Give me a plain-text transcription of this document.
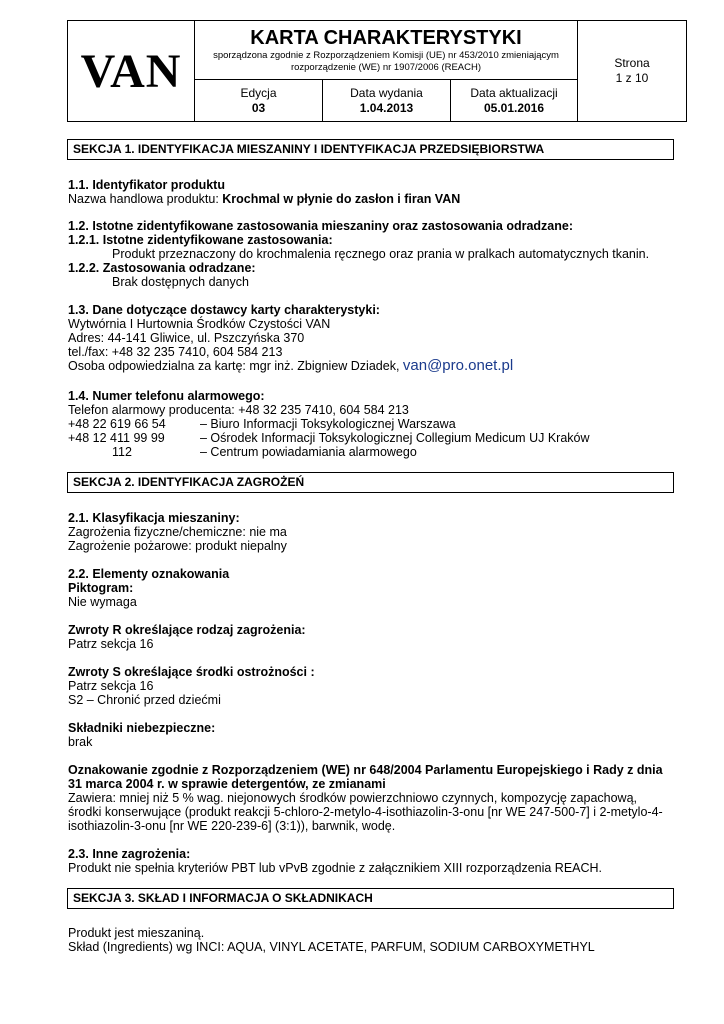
VAN
KARTA CHARAKTERYSTYKI
sporządzona zgodnie z Rozporządzeniem Komisji (UE) nr 453/2010 zmieniającym
rozporządzenie (WE) nr 1907/2006 (REACH)
Edycja
03
Data wydania
1.04.2013
Data aktualizacji
05.01.2016
Strona
1 z 10
SEKCJA 1. IDENTYFIKACJA MIESZANINY I IDENTYFIKACJA PRZEDSIĘBIORSTWA
1.1. Identyfikator produktu
Nazwa handlowa produktu: Krochmal w płynie do zasłon i firan VAN
1.2. Istotne zidentyfikowane zastosowania mieszaniny oraz zastosowania odradzane:
1.2.1. Istotne zidentyfikowane zastosowania:
Produkt przeznaczony do krochmalenia ręcznego oraz prania w pralkach automatycznych tkanin.
1.2.2. Zastosowania odradzane:
Brak dostępnych danych
1.3. Dane dotyczące dostawcy karty charakterystyki:
Wytwórnia I Hurtownia Środków Czystości VAN
Adres: 44-141 Gliwice, ul. Pszczyńska 370
tel./fax: +48 32 235 7410, 604 584 213
Osoba odpowiedzialna za kartę: mgr inż. Zbigniew Dziadek, van@pro.onet.pl
1.4. Numer telefonu alarmowego:
Telefon alarmowy producenta: +48 32 235 7410, 604 584 213
+48 22 619 66 54	– Biuro Informacji Toksykologicznej Warszawa
+48 12 411 99 99	– Ośrodek Informacji Toksykologicznej Collegium Medicum UJ Kraków
112	– Centrum powiadamiania alarmowego
SEKCJA 2. IDENTYFIKACJA ZAGROŻEŃ
2.1. Klasyfikacja mieszaniny:
Zagrożenia fizyczne/chemiczne: nie ma
Zagrożenie pożarowe: produkt niepalny
2.2. Elementy oznakowania
Piktogram:
Nie wymaga
Zwroty R określające rodzaj zagrożenia:
Patrz sekcja 16
Zwroty S określające środki ostrożności :
Patrz sekcja 16
S2 – Chronić przed dziećmi
Składniki niebezpieczne:
brak
Oznakowanie zgodnie z Rozporządzeniem (WE) nr 648/2004 Parlamentu Europejskiego i Rady z dnia
31 marca 2004 r. w sprawie detergentów, ze zmianami
Zawiera: mniej niż 5 % wag. niejonowych środków powierzchniowo czynnych, kompozycję zapachową,
środki konserwujące (produkt reakcji 5-chloro-2-metylo-4-isothiazolin-3-onu [nr WE 247-500-7] i 2-metylo-4-
isothiazolin-3-onu [nr WE 220-239-6] (3:1)), barwnik, wodę.
2.3. Inne zagrożenia:
Produkt nie spełnia kryteriów PBT lub vPvB zgodnie z załącznikiem XIII rozporządzenia REACH.
SEKCJA 3. SKŁAD I INFORMACJA O SKŁADNIKACH
Produkt jest mieszaniną.
Skład (Ingredients) wg INCI: AQUA, VINYL ACETATE, PARFUM, SODIUM CARBOXYMETHYL
